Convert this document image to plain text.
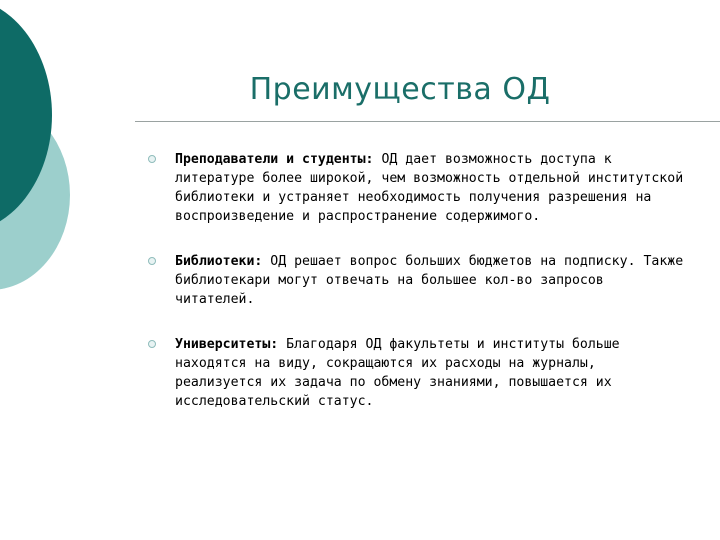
Преимущества ОД
Преподаватели и студенты: ОД дает возможность доступа к литературе более широкой, чем возможность отдельной институтской библиотеки и устраняет необходимость получения разрешения на воспроизведение и распространение содержимого.
Библиотеки: ОД решает вопрос больших бюджетов на подписку. Также библиотекари могут отвечать на большее кол-во запросов читателей.
Университеты: Благодаря ОД факультеты и институты больше находятся на виду, сокращаются их расходы на журналы, реализуется их задача по обмену знаниями, повышается их исследовательский статус.
